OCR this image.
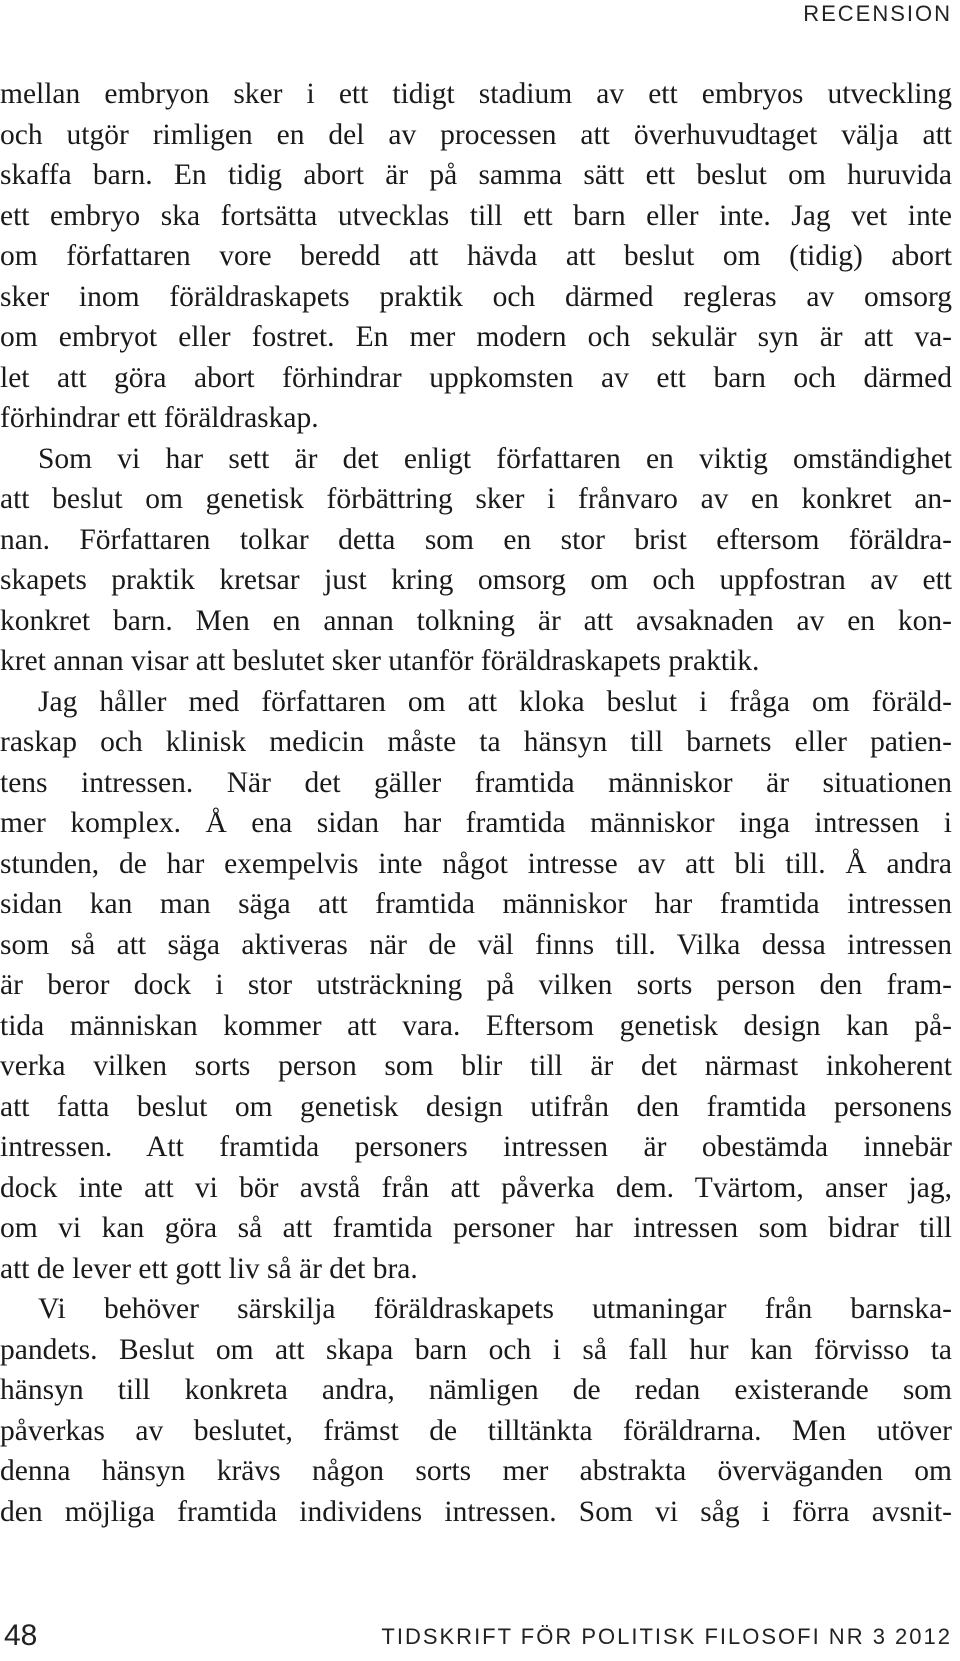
RECENSION
mellan embryon sker i ett tidigt stadium av ett embryos utveckling
och utgör rimligen en del av processen att överhuvudtaget välja att
skaffa barn. En tidig abort är på samma sätt ett beslut om huruvida
ett embryo ska fortsätta utvecklas till ett barn eller inte. Jag vet inte
om författaren vore beredd att hävda att beslut om (tidig) abort
sker inom föräldraskapets praktik och därmed regleras av omsorg
om embryot eller fostret. En mer modern och sekulär syn är att va-
let att göra abort förhindrar uppkomsten av ett barn och därmed
förhindrar ett föräldraskap.
Som vi har sett är det enligt författaren en viktig omständighet
att beslut om genetisk förbättring sker i frånvaro av en konkret an-
nan. Författaren tolkar detta som en stor brist eftersom föräldra-
skapets praktik kretsar just kring omsorg om och uppfostran av ett
konkret barn. Men en annan tolkning är att avsaknaden av en kon-
kret annan visar att beslutet sker utanför föräldraskapets praktik.
Jag håller med författaren om att kloka beslut i fråga om föräld-
raskap och klinisk medicin måste ta hänsyn till barnets eller patien-
tens intressen. När det gäller framtida människor är situationen
mer komplex. Å ena sidan har framtida människor inga intressen i
stunden, de har exempelvis inte något intresse av att bli till. Å andra
sidan kan man säga att framtida människor har framtida intressen
som så att säga aktiveras när de väl finns till. Vilka dessa intressen
är beror dock i stor utsträckning på vilken sorts person den fram-
tida människan kommer att vara. Eftersom genetisk design kan på-
verka vilken sorts person som blir till är det närmast inkoherent
att fatta beslut om genetisk design utifrån den framtida personens
intressen. Att framtida personers intressen är obestämda innebär
dock inte att vi bör avstå från att påverka dem. Tvärtom, anser jag,
om vi kan göra så att framtida personer har intressen som bidrar till
att de lever ett gott liv så är det bra.
Vi behöver särskilja föräldraskapets utmaningar från barnska-
pandets. Beslut om att skapa barn och i så fall hur kan förvisso ta
hänsyn till konkreta andra, nämligen de redan existerande som
påverkas av beslutet, främst de tilltänkta föräldrarna. Men utöver
denna hänsyn krävs någon sorts mer abstrakta överväganden om
den möjliga framtida individens intressen. Som vi såg i förra avsnit-
48	TIDSKRIFT FÖR POLITISK FILOSOFI NR 3 2012
